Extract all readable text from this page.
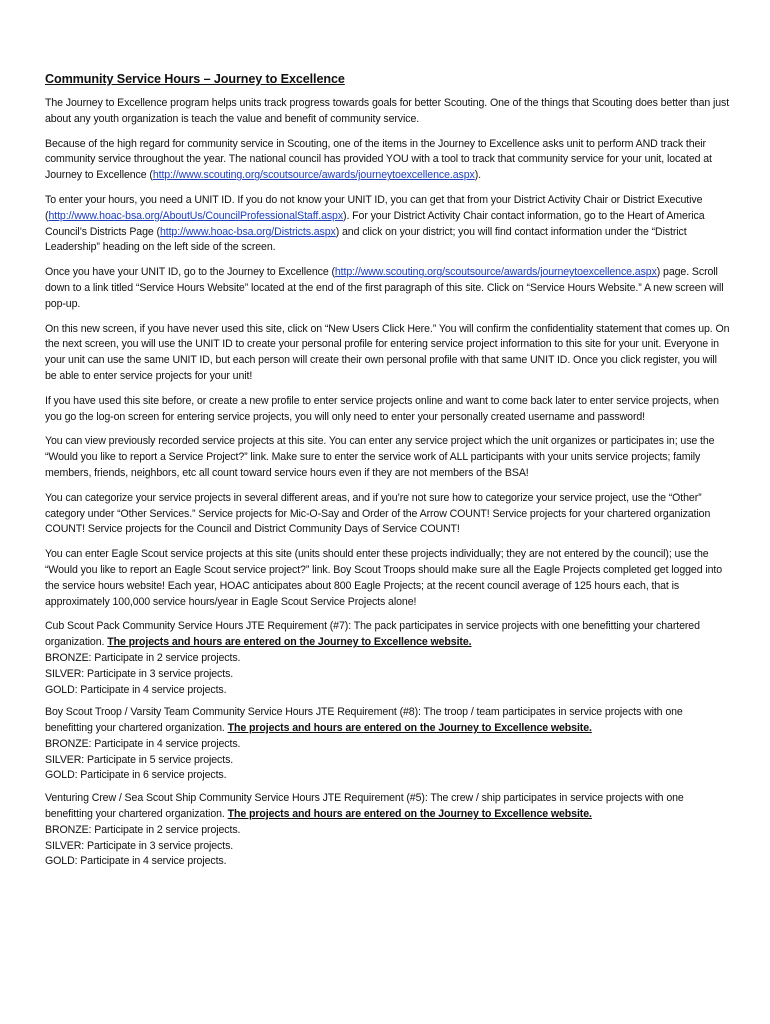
Community Service Hours – Journey to Excellence

The Journey to Excellence program helps units track progress towards goals for better Scouting. One of the things that Scouting does better than just about any youth organization is teach the value and benefit of community service.

Because of the high regard for community service in Scouting, one of the items in the Journey to Excellence asks unit to perform AND track their community service throughout the year. The national council has provided YOU with a tool to track that community service for your unit, located at Journey to Excellence (http://www.scouting.org/scoutsource/awards/journeytoexcellence.aspx).

To enter your hours, you need a UNIT ID. If you do not know your UNIT ID, you can get that from your District Activity Chair or District Executive (http://www.hoac-bsa.org/AboutUs/CouncilProfessionalStaff.aspx). For your District Activity Chair contact information, go to the Heart of America Council’s Districts Page (http://www.hoac-bsa.org/Districts.aspx) and click on your district; you will find contact information under the “District Leadership” heading on the left side of the screen.

Once you have your UNIT ID, go to the Journey to Excellence (http://www.scouting.org/scoutsource/awards/journeytoexcellence.aspx) page. Scroll down to a link titled “Service Hours Website” located at the end of the first paragraph of this site. Click on “Service Hours Website.” A new screen will pop-up.

On this new screen, if you have never used this site, click on “New Users Click Here.” You will confirm the confidentiality statement that comes up. On the next screen, you will use the UNIT ID to create your personal profile for entering service project information to this site for your unit. Everyone in your unit can use the same UNIT ID, but each person will create their own personal profile with that same UNIT ID. Once you click register, you will be able to enter service projects for your unit!

If you have used this site before, or create a new profile to enter service projects online and want to come back later to enter service projects, when you go the log-on screen for entering service projects, you will only need to enter your personally created username and password!

You can view previously recorded service projects at this site. You can enter any service project which the unit organizes or participates in; use the “Would you like to report a Service Project?” link. Make sure to enter the service work of ALL participants with your units service projects; family members, friends, neighbors, etc all count toward service hours even if they are not members of the BSA!

You can categorize your service projects in several different areas, and if you’re not sure how to categorize your service project, use the “Other” category under “Other Services.” Service projects for Mic-O-Say and Order of the Arrow COUNT! Service projects for your chartered organization COUNT! Service projects for the Council and District Community Days of Service COUNT!

You can enter Eagle Scout service projects at this site (units should enter these projects individually; they are not entered by the council); use the “Would you like to report an Eagle Scout service project?” link. Boy Scout Troops should make sure all the Eagle Projects completed get logged into the service hours website! Each year, HOAC anticipates about 800 Eagle Projects; at the recent council average of 125 hours each, that is approximately 100,000 service hours/year in Eagle Scout Service Projects alone!

Cub Scout Pack Community Service Hours JTE Requirement (#7): The pack participates in service projects with one benefitting your chartered organization. The projects and hours are entered on the Journey to Excellence website.
BRONZE: Participate in 2 service projects.
SILVER: Participate in 3 service projects.
GOLD: Participate in 4 service projects.
Boy Scout Troop / Varsity Team Community Service Hours JTE Requirement (#8): The troop / team participates in service projects with one benefitting your chartered organization. The projects and hours are entered on the Journey to Excellence website.
BRONZE: Participate in 4 service projects.
SILVER: Participate in 5 service projects.
GOLD: Participate in 6 service projects.
Venturing Crew / Sea Scout Ship Community Service Hours JTE Requirement (#5): The crew / ship participates in service projects with one benefitting your chartered organization. The projects and hours are entered on the Journey to Excellence website.
BRONZE: Participate in 2 service projects.
SILVER: Participate in 3 service projects.
GOLD: Participate in 4 service projects.
